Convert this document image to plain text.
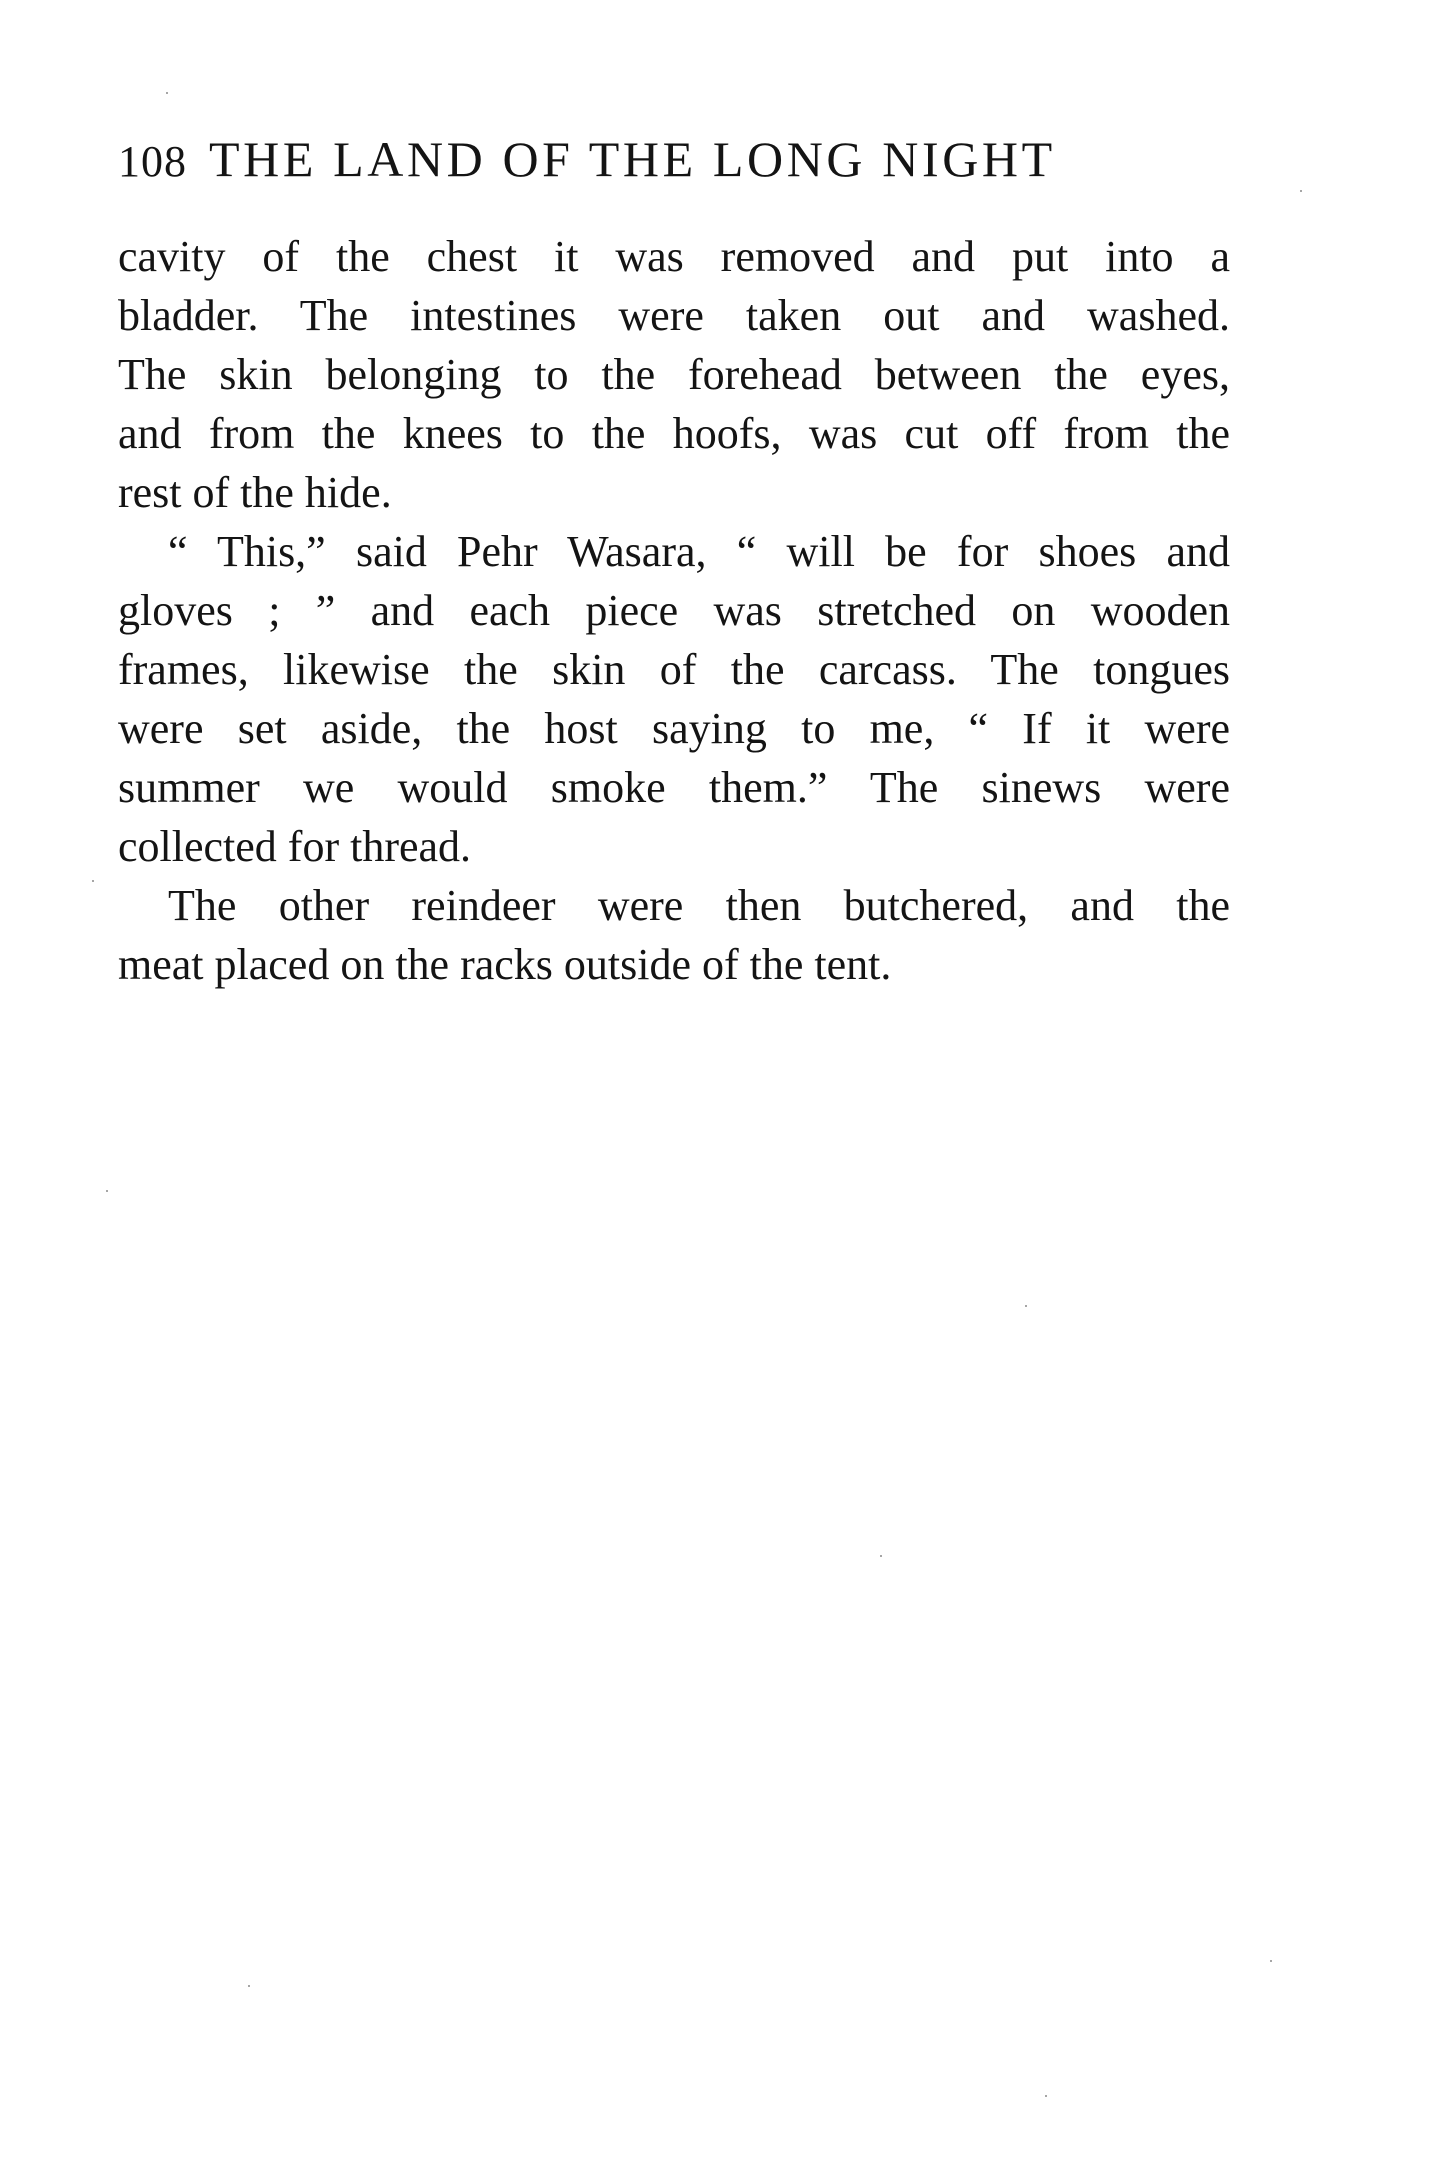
108 THE LAND OF THE LONG NIGHT
cavity of the chest it was removed and put into a
bladder. The intestines were taken out and washed.
The skin belonging to the forehead between the eyes,
and from the knees to the hoofs, was cut off from the
rest of the hide.
“ This,” said Pehr Wasara, “ will be for shoes and
gloves ; ” and each piece was stretched on wooden
frames, likewise the skin of the carcass. The tongues
were set aside, the host saying to me, “ If it were
summer we would smoke them.” The sinews were
collected for thread.
The other reindeer were then butchered, and the
meat placed on the racks outside of the tent.
